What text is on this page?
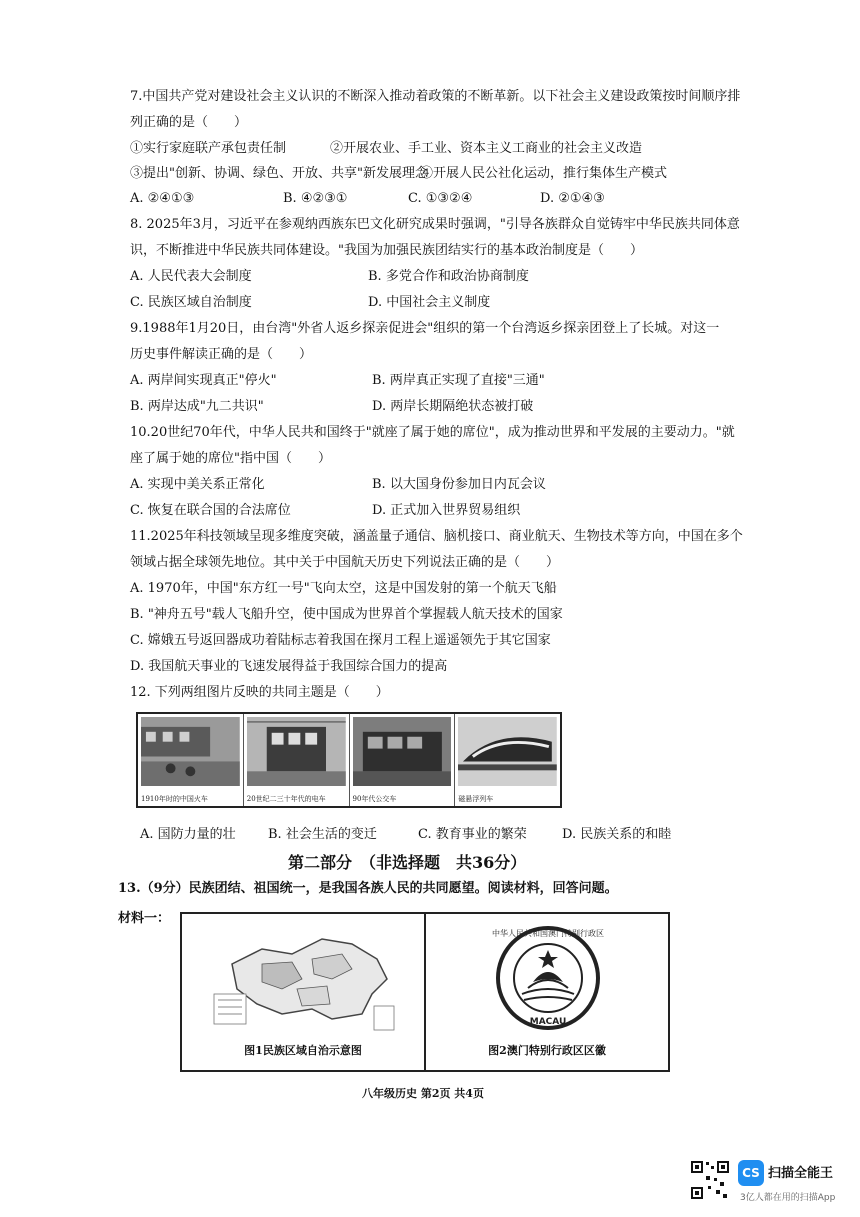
7.中国共产党对建设社会主义认识的不断深入推动着政策的不断革新。以下社会主义建设政策按时间顺序排
列正确的是（　　）
①实行家庭联产承包责任制	②开展农业、手工业、资本主义工商业的社会主义改造
③提出"创新、协调、绿色、开放、共享"新发展理念
④开展人民公社化运动，推行集体生产模式
A. ②④①③	B. ④②③①	C. ①③②④	D. ②①④③
8. 2025年3月，习近平在参观纳西族东巴文化研究成果时强调，"引导各族群众自觉铸牢中华民族共同体意
识，不断推进中华民族共同体建设。"我国为加强民族团结实行的基本政治制度是（　　）
A. 人民代表大会制度	B. 多党合作和政治协商制度
C. 民族区域自治制度	D. 中国社会主义制度
9.1988年1月20日，由台湾"外省人返乡探亲促进会"组织的第一个台湾返乡探亲团登上了长城。对这一
历史事件解读正确的是（　　）
A. 两岸间实现真正"停火"	B. 两岸真正实现了直接"三通"
B. 两岸达成"九二共识"	D. 两岸长期隔绝状态被打破
10.20世纪70年代，中华人民共和国终于"就座了属于她的席位"，成为推动世界和平发展的主要动力。"就
座了属于她的席位"指中国（　　）
A. 实现中美关系正常化	B. 以大国身份参加日内瓦会议
C. 恢复在联合国的合法席位	D. 正式加入世界贸易组织
11.2025年科技领域呈现多维度突破，涵盖量子通信、脑机接口、商业航天、生物技术等方向，中国在多个
领域占据全球领先地位。其中关于中国航天历史下列说法正确的是（　　）
A. 1970年，中国"东方红一号"飞向太空，这是中国发射的第一个航天飞船
B. "神舟五号"载人飞船升空，使中国成为世界首个掌握载人航天技术的国家
C. 嫦娥五号返回器成功着陆标志着我国在探月工程上遥遥领先于其它国家
D. 我国航天事业的飞速发展得益于我国综合国力的提高
12. 下列两组图片反映的共同主题是（　　）
1910年时的中国火车	20世纪二三十年代的电车	90年代公交车	磁悬浮列车
A. 国防力量的壮 B. 社会生活的变迁	C. 教育事业的繁荣	D. 民族关系的和睦
第二部分　（非选择题　共36分）
13.（9分）民族团结、祖国统一，是我国各族人民的共同愿望。阅读材料，回答问题。
材料一：
图1民族区域自治示意图
中华人民共和国澳门特别行政区
MACAU
图2澳门特别行政区区徽
八年级历史 第2页 共4页
CS 扫描全能王
3亿人都在用的扫描App
